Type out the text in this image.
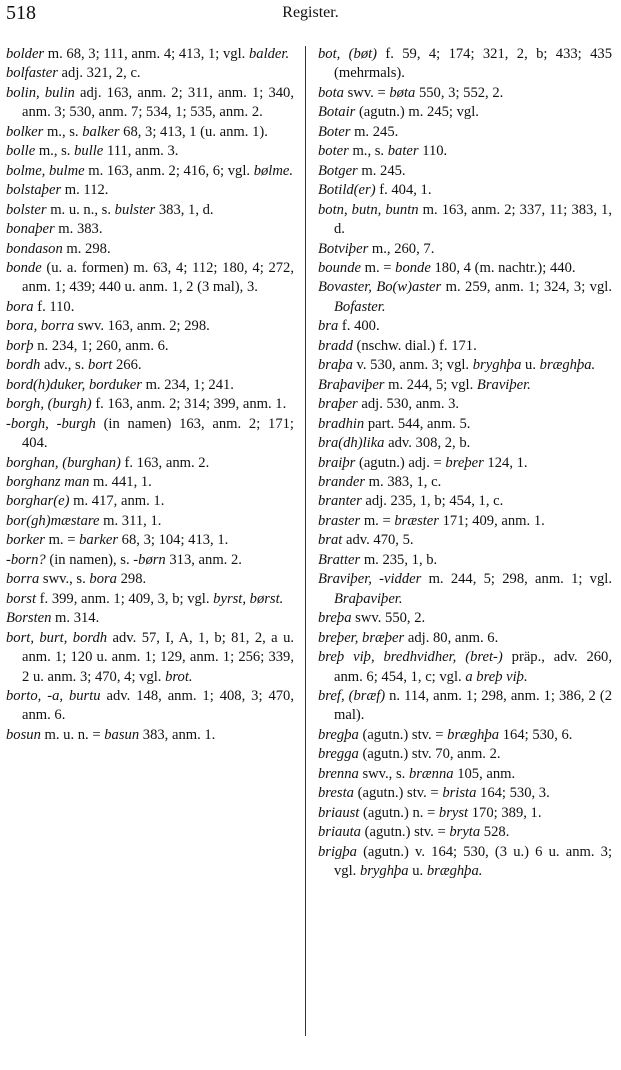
518	Register.
bolder m. 68, 3; 111, anm. 4; 413, 1; vgl. balder.
bolfaster adj. 321, 2, c.
bolin, bulin adj. 163, anm. 2; 311, anm. 1; 340, anm. 3; 530, anm. 7; 534, 1; 535, anm. 2.
bolker m., s. balker 68, 3; 413, 1 (u. anm. 1).
bolle m., s. bulle 111, anm. 3.
bolme, bulme m. 163, anm. 2; 416, 6; vgl. bølme.
bolstaþer m. 112.
bolster m. u. n., s. bulster 383, 1, d.
bonaþer m. 383.
bondason m. 298.
bonde (u. a. formen) m. 63, 4; 112; 180, 4; 272, anm. 1; 439; 440 u. anm. 1, 2 (3 mal), 3.
bora f. 110.
bora, borra swv. 163, anm. 2; 298.
borþ n. 234, 1; 260, anm. 6.
bordh adv., s. bort 266.
bord(h)duker, borduker m. 234, 1; 241.
borgh, (burgh) f. 163, anm. 2; 314; 399, anm. 1.
-borgh, -burgh (in namen) 163, anm. 2; 171; 404.
borghan, (burghan) f. 163, anm. 2.
borghanz man m. 441, 1.
borghar(e) m. 417, anm. 1.
bor(gh)mæstare m. 311, 1.
borker m. = barker 68, 3; 104; 413, 1.
-born? (in namen), s. -børn 313, anm. 2.
borra swv., s. bora 298.
borst f. 399, anm. 1; 409, 3, b; vgl. byrst, børst.
Borsten m. 314.
bort, burt, bordh adv. 57, I, A, 1, b; 81, 2, a u. anm. 1; 120 u. anm. 1; 129, anm. 1; 256; 339, 2 u. anm. 3; 470, 4; vgl. brot.
borto, -a, burtu adv. 148, anm. 1; 408, 3; 470, anm. 6.
bosun m. u. n. = basun 383, anm. 1.
bot, (bøt) f. 59, 4; 174; 321, 2, b; 433; 435 (mehrmals).
bota swv. = bøta 550, 3; 552, 2.
Botair (agutn.) m. 245; vgl.
Boter m. 245.
boter m., s. bater 110.
Botger m. 245.
Botild(er) f. 404, 1.
botn, butn, buntn m. 163, anm. 2; 337, 11; 383, 1, d.
Botviþer m., 260, 7.
bounde m. = bonde 180, 4 (m. nachtr.); 440.
Bovaster, Bo(w)aster m. 259, anm. 1; 324, 3; vgl. Bofaster.
bra f. 400.
bradd (nschw. dial.) f. 171.
braþa v. 530, anm. 3; vgl. bryghþa u. bræghþa.
Braþaviþer m. 244, 5; vgl. Braviþer.
braþer adj. 530, anm. 3.
bradhin part. 544, anm. 5.
bra(dh)lika adv. 308, 2, b.
braiþr (agutn.) adj. = breþer 124, 1.
brander m. 383, 1, c.
branter adj. 235, 1, b; 454, 1, c.
braster m. = bræster 171; 409, anm. 1.
brat adv. 470, 5.
Bratter m. 235, 1, b.
Braviþer, -vidder m. 244, 5; 298, anm. 1; vgl. Braþaviþer.
breþa swv. 550, 2.
breþer, bræþer adj. 80, anm. 6.
breþ viþ, bredhvidher, (bret-) präp., adv. 260, anm. 6; 454, 1, c; vgl. a breþ viþ.
bref, (bræf) n. 114, anm. 1; 298, anm. 1; 386, 2 (2 mal).
bregþa (agutn.) stv. = bræghþa 164; 530, 6.
bregga (agutn.) stv. 70, anm. 2.
brenna swv., s. brænna 105, anm.
bresta (agutn.) stv. = brista 164; 530, 3.
briaust (agutn.) n. = bryst 170; 389, 1.
briauta (agutn.) stv. = bryta 528.
brigþa (agutn.) v. 164; 530, (3 u.) 6 u. anm. 3; vgl. bryghþa u. bræghþa.
